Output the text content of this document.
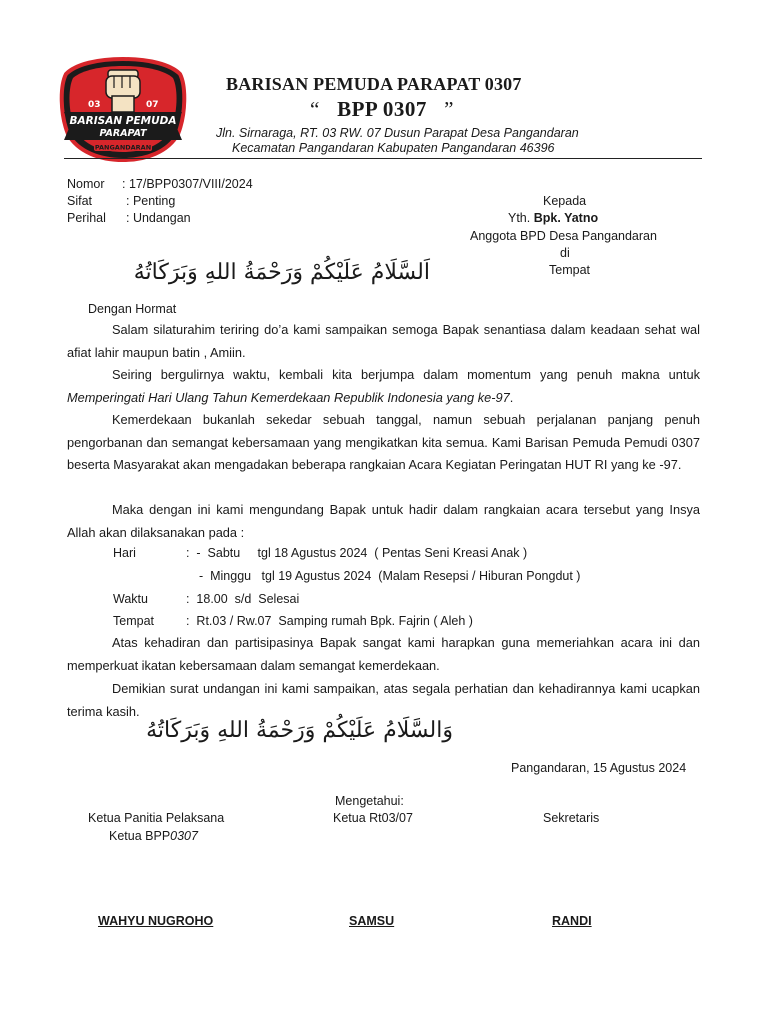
03	07
BARISAN PEMUDA
PARAPAT
PANGANDARAN
BARISAN PEMUDA PARAPAT 0307
“ BPP 0307 ”
Jln. Sirnaraga, RT. 03 RW. 07 Dusun Parapat Desa Pangandaran
Kecamatan Pangandaran Kabupaten Pangandaran 46396
Nomor : 17/BPP0307/VIII/2024
Sifat	: Penting
Perihal : Undangan
Kepada
Yth. Bpk. Yatno
Anggota BPD Desa Pangandaran
di
Tempat
اَلسَّلَامُ عَلَيْكُمْ وَرَحْمَةُ اللهِ وَبَرَكَاتُهُ
Dengan Hormat
Salam silaturahim teriring do’a kami sampaikan semoga Bapak senantiasa dalam keadaan sehat wal afiat lahir maupun batin , Amiin.
Seiring bergulirnya waktu, kembali kita berjumpa dalam momentum yang penuh makna untuk Memperingati Hari Ulang Tahun Kemerdekaan Republik Indonesia yang ke-97.
Kemerdekaan bukanlah sekedar sebuah tanggal, namun sebuah perjalanan panjang penuh pengorbanan dan semangat kebersamaan yang mengikatkan kita semua. Kami Barisan Pemuda Pemudi 0307 beserta Masyarakat akan mengadakan beberapa rangkaian Acara Kegiatan Peringatan HUT RI yang ke -97.
Maka dengan ini kami mengundang Bapak untuk hadir dalam rangkaian acara tersebut yang Insya Allah akan dilaksanakan pada :
Hari	:  -  Sabtu     tgl 18 Agustus 2024  ( Pentas Seni Kreasi Anak )
-  Minggu   tgl 19 Agustus 2024  (Malam Resepsi / Hiburan Pongdut )
Waktu	:  18.00  s/d  Selesai
Tempat	:  Rt.03 / Rw.07  Samping rumah Bpk. Fajrin ( Aleh )
Atas kehadiran dan partisipasinya Bapak sangat kami harapkan guna memeriahkan acara ini dan memperkuat ikatan kebersamaan dalam semangat kemerdekaan.
Demikian surat undangan ini kami sampaikan, atas segala perhatian dan kehadirannya kami ucapkan terima kasih.
وَالسَّلَامُ عَلَيْكُمْ وَرَحْمَةُ اللهِ وَبَرَكَاتُهُ
Pangandaran, 15 Agustus 2024
Mengetahui:
Ketua Panitia Pelaksana
Ketua BPP0307
WAHYU NUGROHO
Ketua Rt03/07
SAMSU
Sekretaris
RANDI
